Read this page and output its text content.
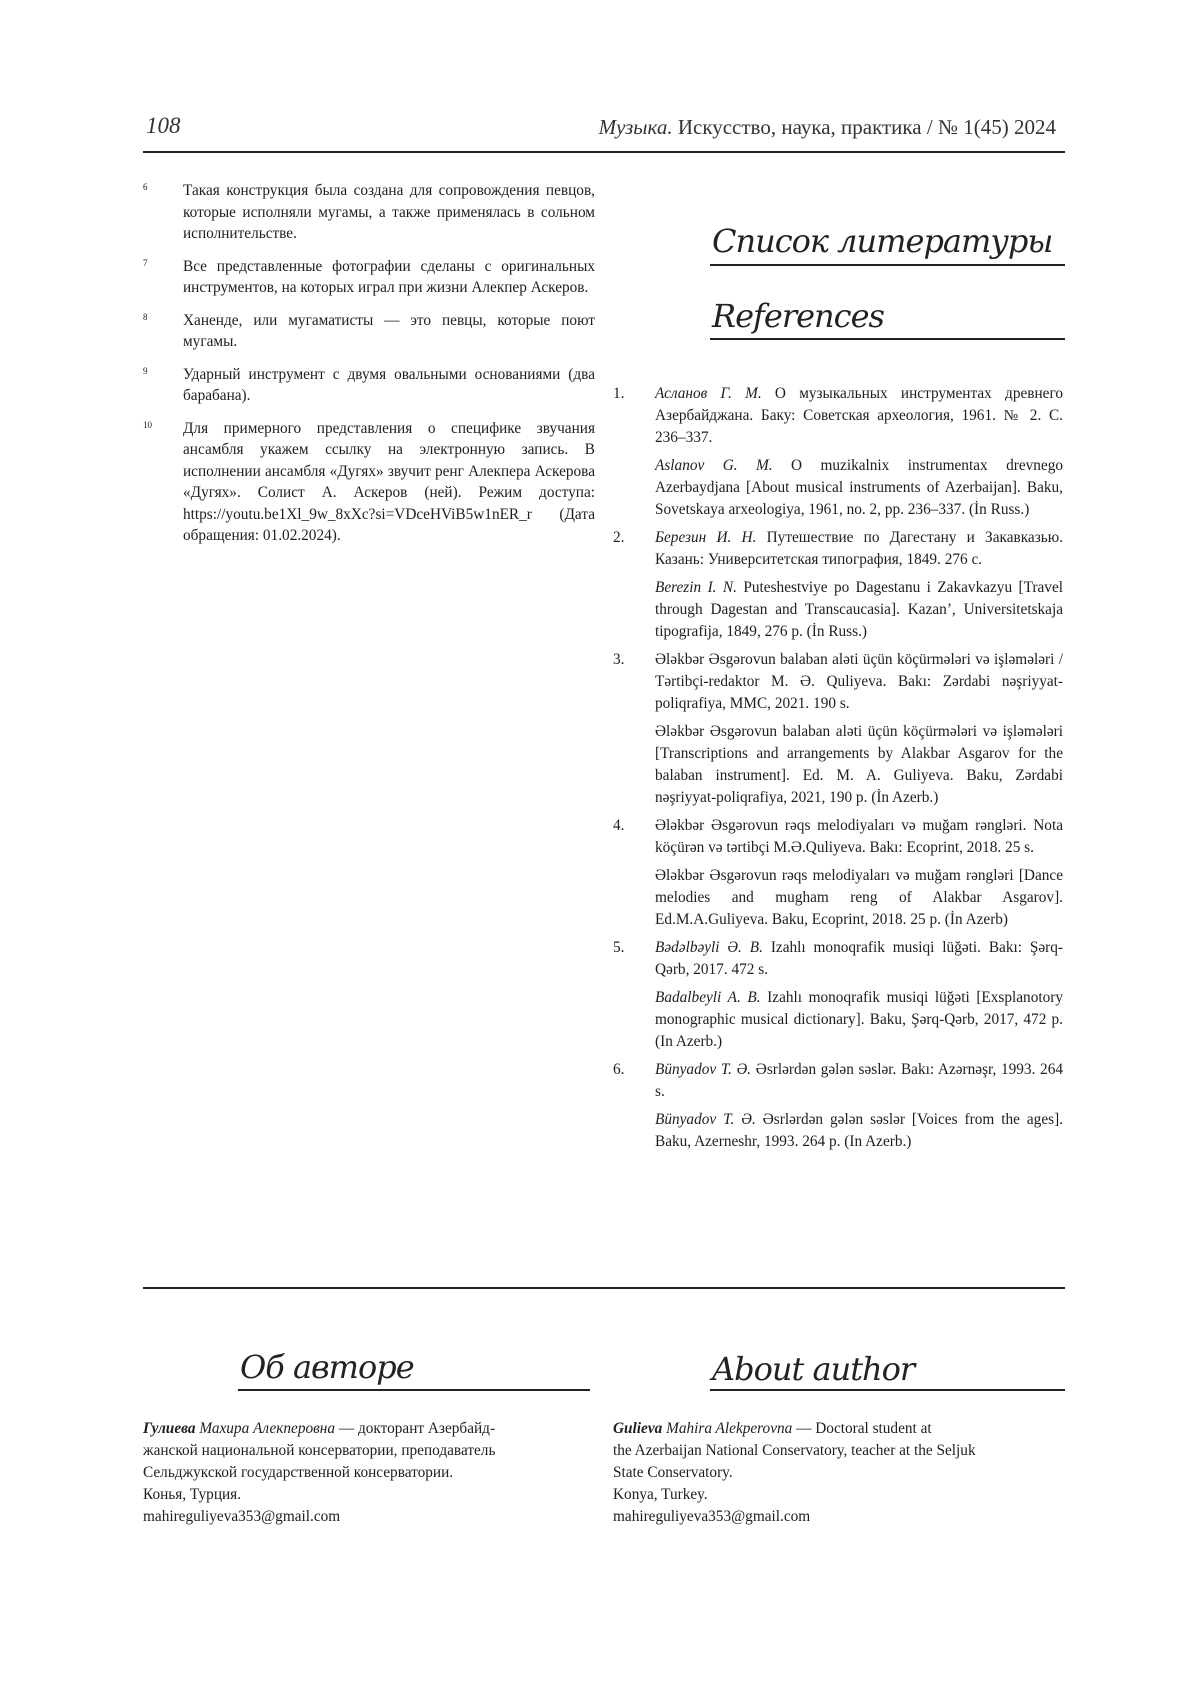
108	Музыка. Искусство, наука, практика / № 1(45) 2024
6 Такая конструкция была создана для сопровождения певцов, которые исполняли мугамы, а также применялась в сольном исполнительстве.
7 Все представленные фотографии сделаны с оригинальных инструментов, на которых играл при жизни Алекпер Аскеров.
8 Ханенде, или мугаматисты — это певцы, которые поют мугамы.
9 Ударный инструмент с двумя овальными основаниями (два барабана).
10 Для примерного представления о специфике звучания ансамбля укажем ссылку на электронную запись. В исполнении ансамбля «Дугях» звучит ренг Алекпера Аскерова «Дугях». Солист А. Аскеров (ней). Режим доступа: https://youtu.be1Xl_9w_8xXc?si=VDceHViB5w1nER_r (Дата обращения: 01.02.2024).
Список литературы
References
1. Асланов Г. М. О музыкальных инструментах древнего Азербайджана. Баку: Советская археология, 1961. № 2. С. 236–337.
Aslanov G. M. O muzikalnix instrumentax drevnego Azerbaydjana [About musical instruments of Azerbaijan]. Baku, Sovetskaya arxeologiya, 1961, no. 2, pp. 236–337. (İn Russ.)
2. Березин И. Н. Путешествие по Дагестану и Закавказью. Казань: Университетская типография, 1849. 276 с.
Berezin I. N. Puteshestviye po Dagestanu i Zakavkazyu [Travel through Dagestan and Transcaucasia]. Kazan’, Universitetskaja tipografija, 1849, 276 p. (İn Russ.)
3. Ələkbər Əsgərovun balaban aləti üçün köçürmələri və işləmələri / Tərtibçi-redaktor M. Ə. Quliyeva. Bakı: Zərdabi nəşriyyat-poliqrafiya, MMC, 2021. 190 s.
Ələkbər Əsgərovun balaban aləti üçün köçürmələri və işləmələri [Transcriptions and arrangements by Alakbar Asgarov for the balaban instrument]. Ed. M. A. Guliyeva. Baku, Zərdabi nəşriyyat-poliqrafiya, 2021, 190 p. (İn Azerb.)
4. Ələkbər Əsgərovun rəqs melodiyaları və muğam rəngləri. Nota köçürən və tərtibçi M.Ə.Quliyeva. Bakı: Ecoprint, 2018. 25 s.
Ələkbər Əsgərovun rəqs melodiyaları və muğam rəngləri [Dance melodies and mugham reng of Alakbar Asgarov]. Ed.M.A.Guliyeva. Baku, Ecoprint, 2018. 25 p. (İn Azerb)
5. Bədəlbəyli Ə. B. Izahlı monoqrafik musiqi lüğəti. Bakı: Şərq-Qərb, 2017. 472 s.
Badalbeyli A. B. Izahlı monoqrafik musiqi lüğəti [Exsplanotory monographic musical dictionary]. Baku, Şərq-Qərb, 2017, 472 p. (In Azerb.)
6. Bünyadov T. Ə. Əsrlərdən gələn səslər. Bakı: Azərnəşr, 1993. 264 s.
Bünyadov T. Ə. Əsrlərdən gələn səslər [Voices from the ages]. Baku, Azerneshr, 1993. 264 p. (In Azerb.)
Об авторе
Гулиева Махира Алекперовна — докторант Азербайд-
жанской национальной консерватории, преподаватель
Сельджукской государственной консерватории.
Конья, Турция.
mahireguliyeva353@gmail.com
About author
Gulieva Mahira Alekperovna — Doctoral student at
the Azerbaijan National Conservatory, teacher at the Seljuk
State Conservatory.
Konya, Turkey.
mahireguliyeva353@gmail.com
